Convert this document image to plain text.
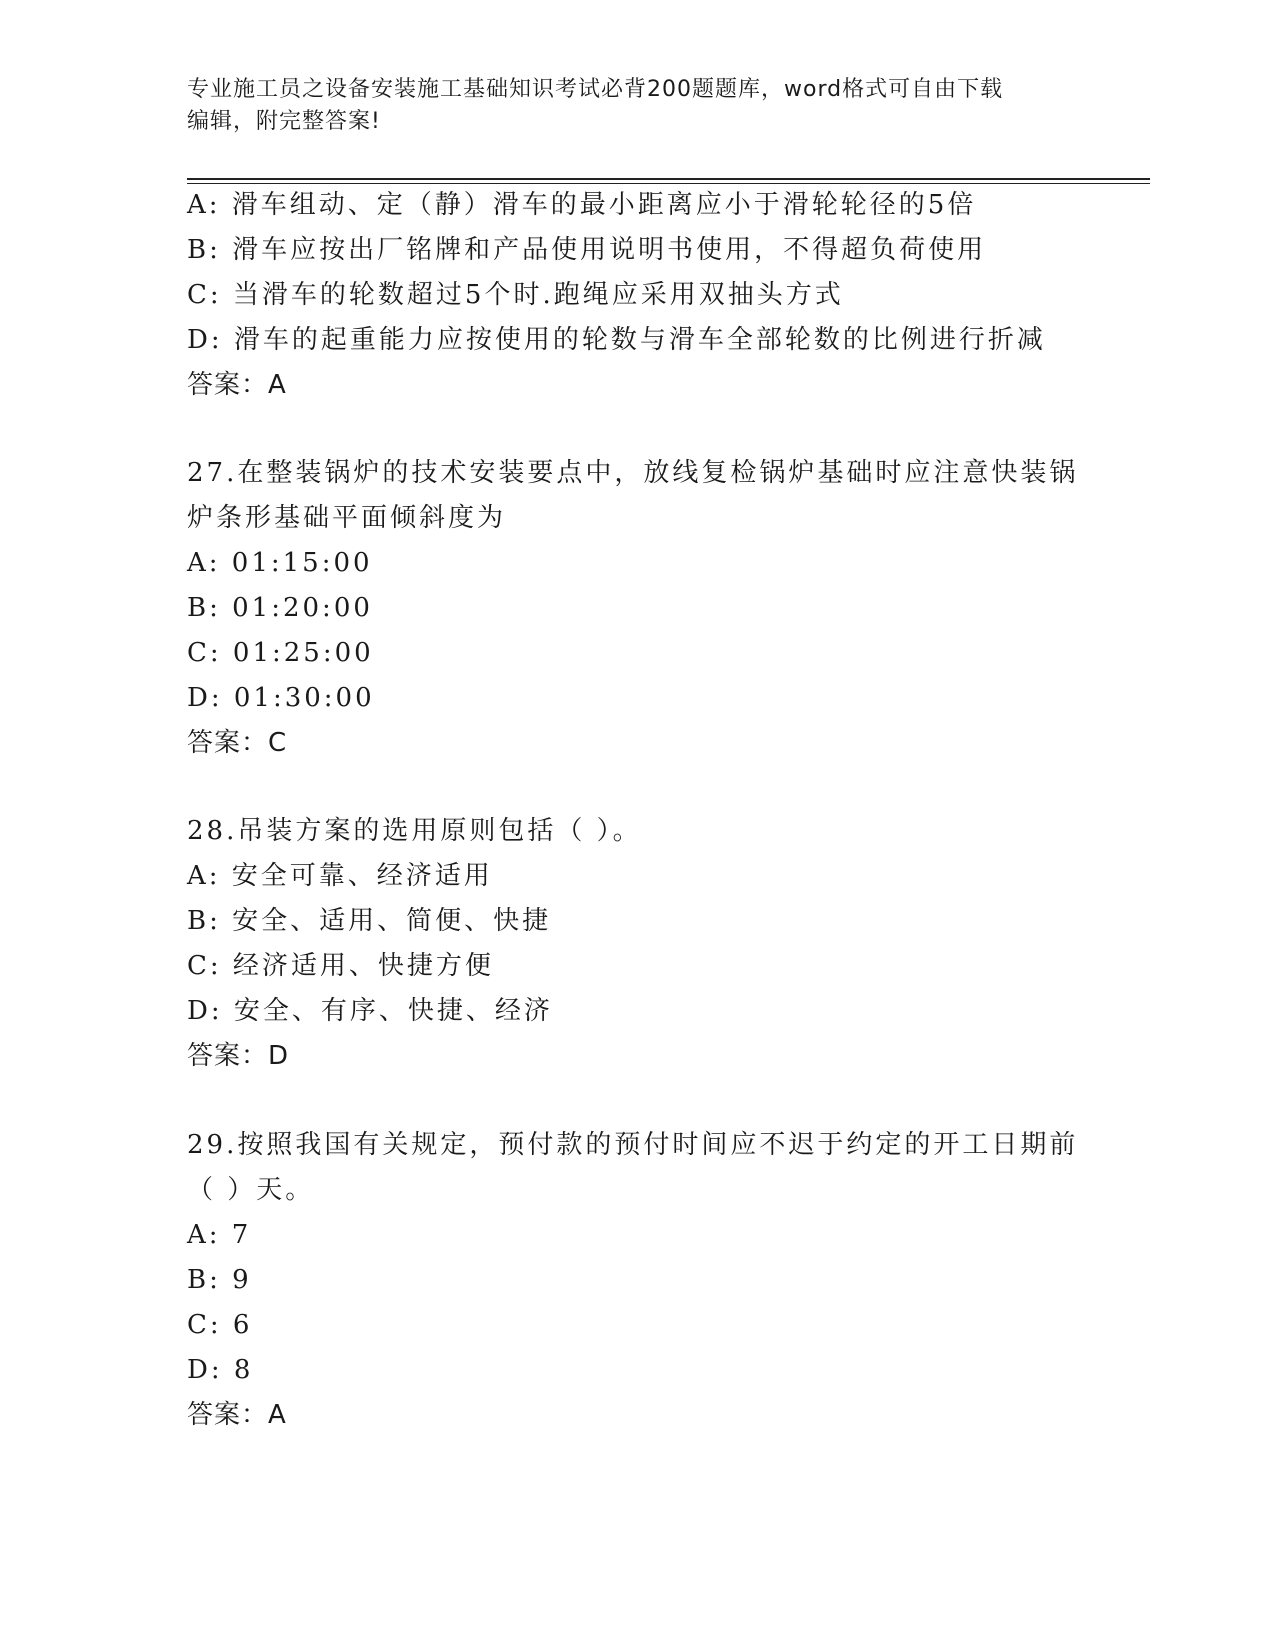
专业施工员之设备安装施工基础知识考试必背200题题库，word格式可自由下载
编辑，附完整答案!
A: 滑车组动、定（静）滑车的最小距离应小于滑轮轮径的5倍
B: 滑车应按出厂铭牌和产品使用说明书使用，不得超负荷使用
C: 当滑车的轮数超过5个时.跑绳应采用双抽头方式
D: 滑车的起重能力应按使用的轮数与滑车全部轮数的比例进行折减
答案：A
27.在整装锅炉的技术安装要点中，放线复检锅炉基础时应注意快装锅
炉条形基础平面倾斜度为
A: 01:15:00
B: 01:20:00
C: 01:25:00
D: 01:30:00
答案：C
28.吊装方案的选用原则包括（ ）。
A: 安全可靠、经济适用
B: 安全、适用、简便、快捷
C: 经济适用、快捷方便
D: 安全、有序、快捷、经济
答案：D
29.按照我国有关规定，预付款的预付时间应不迟于约定的开工日期前
（ ）天。
A: 7
B: 9
C: 6
D: 8
答案：A
